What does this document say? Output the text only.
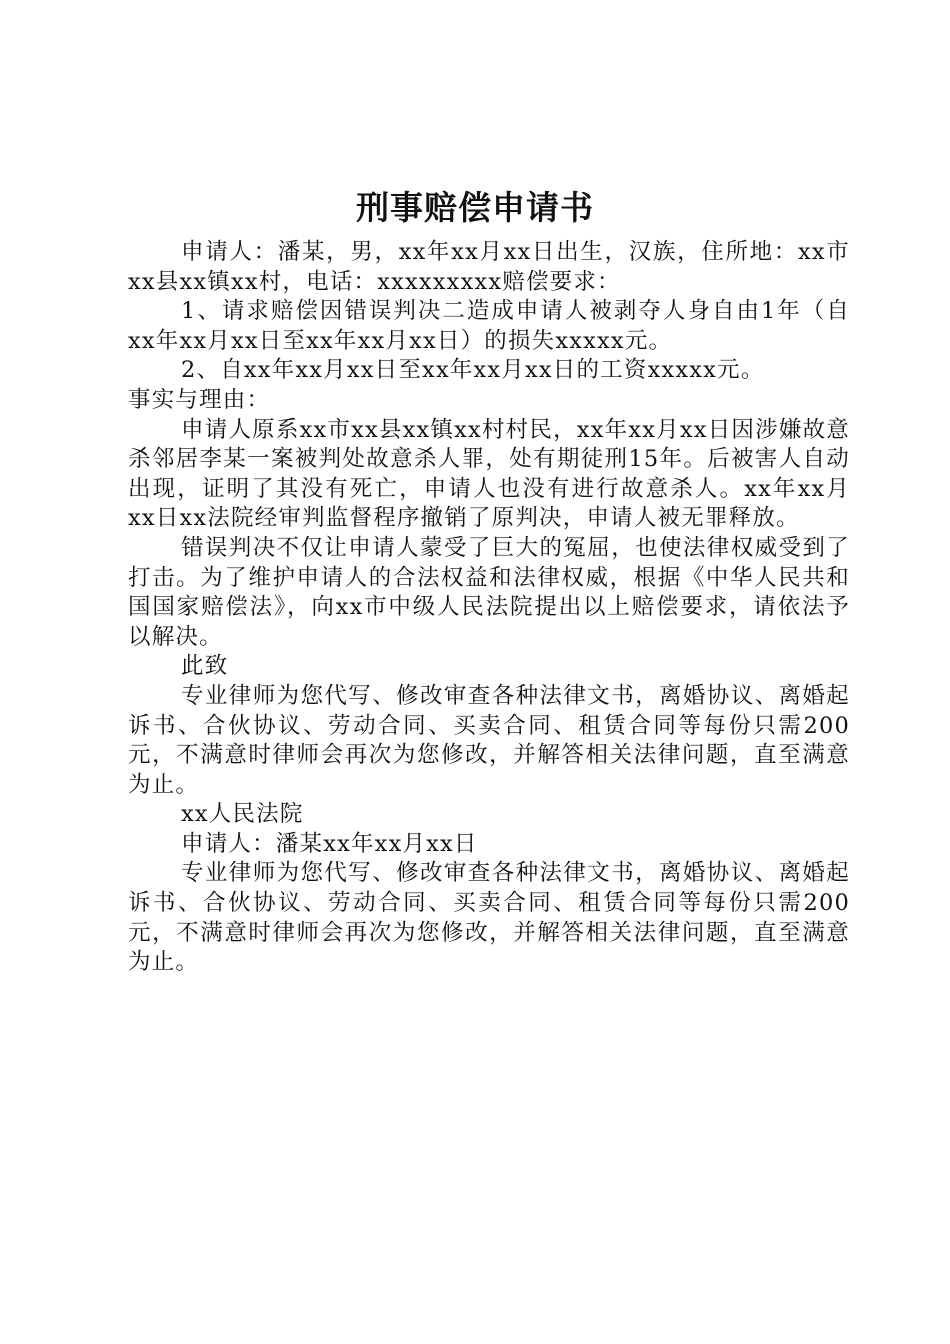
刑事赔偿申请书

申请人：潘某，男，xx年xx月xx日出生，汉族，住所地：xx市xx县xx镇xx村，电话：xxxxxxxxx赔偿要求：

1、请求赔偿因错误判决二造成申请人被剥夺人身自由1年（自xx年xx月xx日至xx年xx月xx日）的损失xxxxx元。

2、自xx年xx月xx日至xx年xx月xx日的工资xxxxx元。

事实与理由：

申请人原系xx市xx县xx镇xx村村民，xx年xx月xx日因涉嫌故意杀邻居李某一案被判处故意杀人罪，处有期徒刑15年。后被害人自动出现，证明了其没有死亡，申请人也没有进行故意杀人。xx年xx月xx日xx法院经审判监督程序撤销了原判决，申请人被无罪释放。

错误判决不仅让申请人蒙受了巨大的冤屈，也使法律权威受到了打击。为了维护申请人的合法权益和法律权威，根据《中华人民共和国国家赔偿法》，向xx市中级人民法院提出以上赔偿要求，请依法予以解决。

此致

专业律师为您代写、修改审查各种法律文书，离婚协议、离婚起诉书、合伙协议、劳动合同、买卖合同、租赁合同等每份只需200元，不满意时律师会再次为您修改，并解答相关法律问题，直至满意为止。

xx人民法院

申请人：潘某xx年xx月xx日

专业律师为您代写、修改审查各种法律文书，离婚协议、离婚起诉书、合伙协议、劳动合同、买卖合同、租赁合同等每份只需200元，不满意时律师会再次为您修改，并解答相关法律问题，直至满意为止。
